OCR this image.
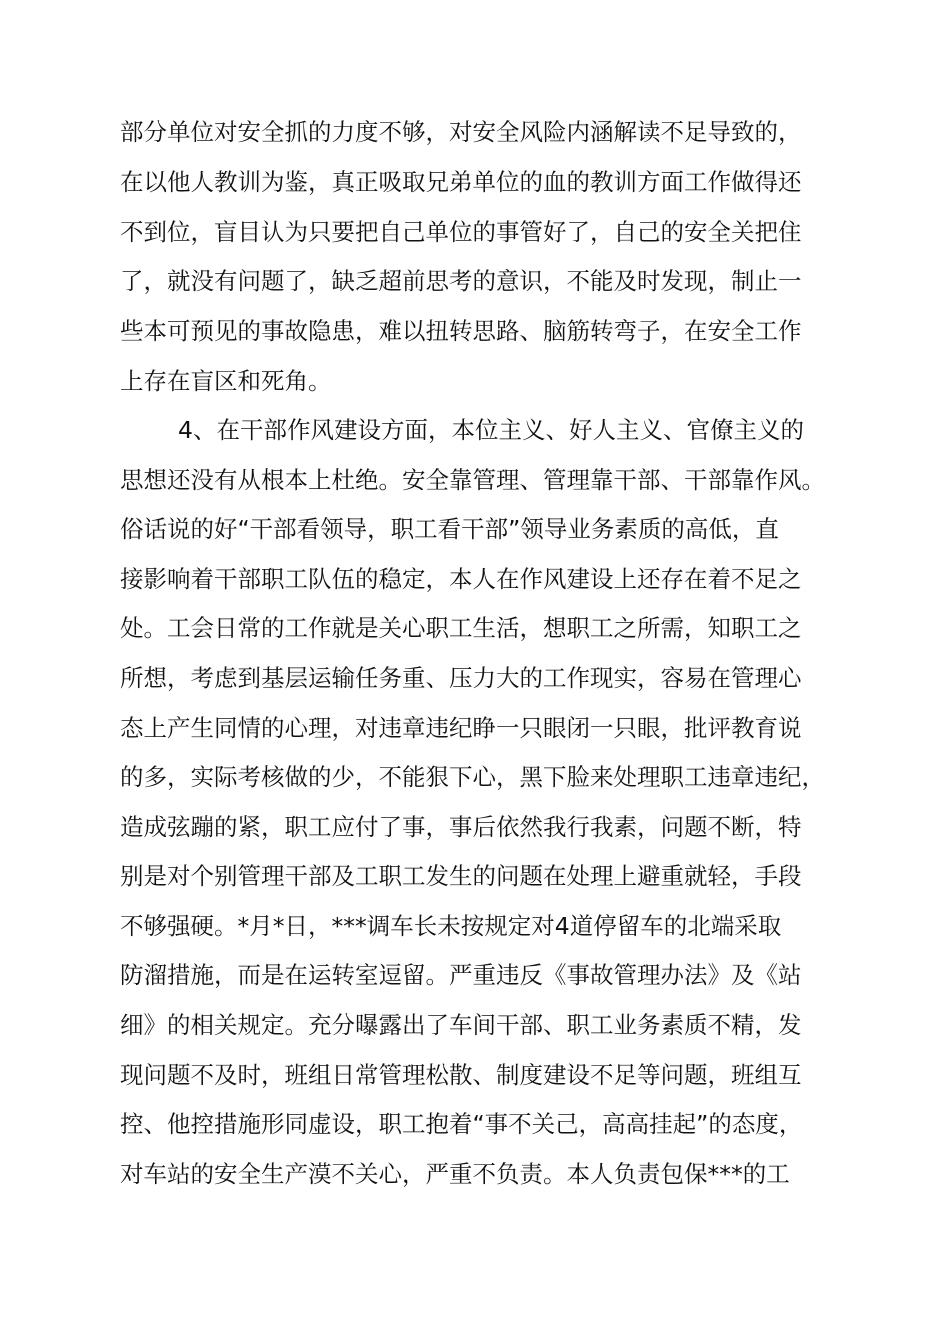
部分单位对安全抓的力度不够，对安全风险内涵解读不足导致的，

在以他人教训为鉴，真正吸取兄弟单位的血的教训方面工作做得还

不到位，盲目认为只要把自己单位的事管好了，自己的安全关把住

了，就没有问题了，缺乏超前思考的意识，不能及时发现，制止一

些本可预见的事故隐患，难以扭转思路、脑筋转弯子，在安全工作

上存在盲区和死角。

4、在干部作风建设方面，本位主义、好人主义、官僚主义的

思想还没有从根本上杜绝。安全靠管理、管理靠干部、干部靠作风。

俗话说的好“干部看领导，职工看干部”领导业务素质的高低，直

接影响着干部职工队伍的稳定，本人在作风建设上还存在着不足之

处。工会日常的工作就是关心职工生活，想职工之所需，知职工之

所想，考虑到基层运输任务重、压力大的工作现实，容易在管理心

态上产生同情的心理，对违章违纪睁一只眼闭一只眼，批评教育说

的多，实际考核做的少，不能狠下心，黑下脸来处理职工违章违纪，

造成弦蹦的紧，职工应付了事，事后依然我行我素，问题不断，特

别是对个别管理干部及工职工发生的问题在处理上避重就轻，手段

不够强硬。*月*日，***调车长未按规定对4道停留车的北端采取

防溜措施，而是在运转室逗留。严重违反《事故管理办法》及《站

细》的相关规定。充分曝露出了车间干部、职工业务素质不精，发

现问题不及时，班组日常管理松散、制度建设不足等问题，班组互

控、他控措施形同虚设，职工抱着“事不关己，高高挂起”的态度，

对车站的安全生产漠不关心，严重不负责。本人负责包保***的工
